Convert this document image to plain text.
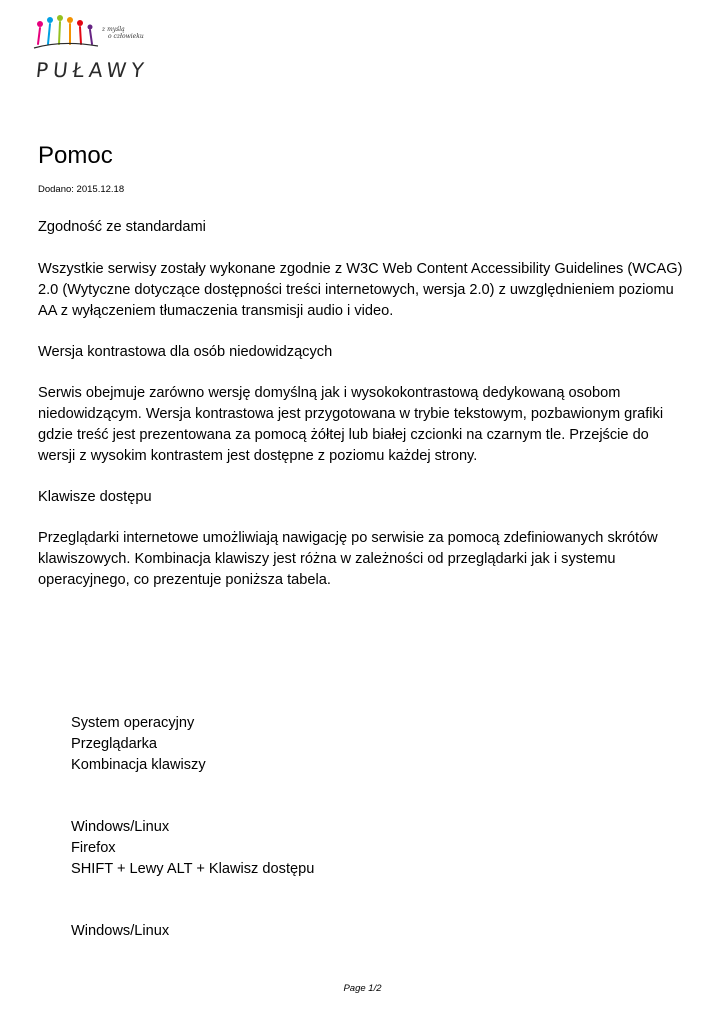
z myślą
o człowieku
PUŁAWY
Pomoc
Dodano: 2015.12.18

Zgodność ze standardami

Wszystkie serwisy zostały wykonane zgodnie z W3C Web Content Accessibility Guidelines (WCAG) 2.0 (Wytyczne dotyczące dostępności treści internetowych, wersja 2.0) z uwzględnieniem poziomu AA z wyłączeniem tłumaczenia transmisji audio i video.

Wersja kontrastowa dla osób niedowidzących

Serwis obejmuje zarówno wersję domyślną jak i wysokokontrastową dedykowaną osobom niedowidzącym. Wersja kontrastowa jest przygotowana w trybie tekstowym, pozbawionym grafiki gdzie treść jest prezentowana za pomocą żółtej lub białej czcionki na czarnym tle. Przejście do wersji z wysokim kontrastem jest dostępne z poziomu każdej strony.

Klawisze dostępu

Przeglądarki internetowe umożliwiają nawigację po serwisie za pomocą zdefiniowanych skrótów klawiszowych. Kombinacja klawiszy jest różna w zależności od przeglądarki jak i systemu operacyjnego, co prezentuje poniższa tabela.

System operacyjny
Przeglądarka
Kombinacja klawiszy
Windows/Linux
Firefox
SHIFT + Lewy ALT + Klawisz dostępu
Windows/Linux
Page 1/2
